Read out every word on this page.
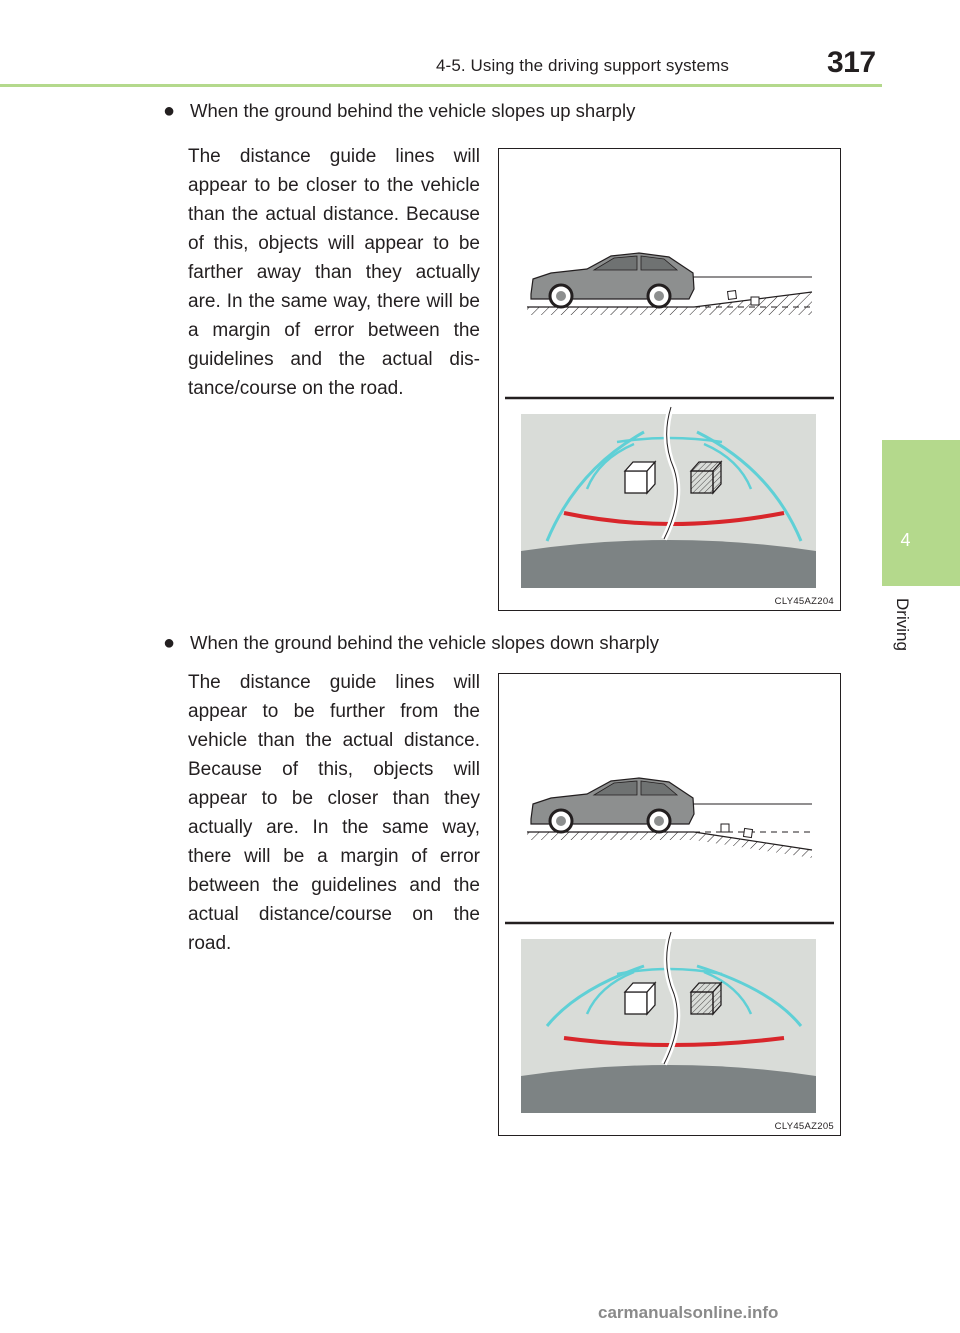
4-5. Using the driving support systems	317
4
Driving
● When the ground behind the vehicle slopes up sharply

The distance guide lines will appear to be closer to the vehicle than the actual distance. Because of this, objects will appear to be farther away than they actually are. In the same way, there will be a margin of error between the guidelines and the actual dis-tance/course on the road.

CLY45AZ204
● When the ground behind the vehicle slopes down sharply

The distance guide lines will appear to be further from the vehicle than the actual distance. Because of this, objects will appear to be closer than they actually are. In the same way, there will be a margin of error between the guidelines and the actual distance/course on the road.

CLY45AZ205
carmanualsonline.info
